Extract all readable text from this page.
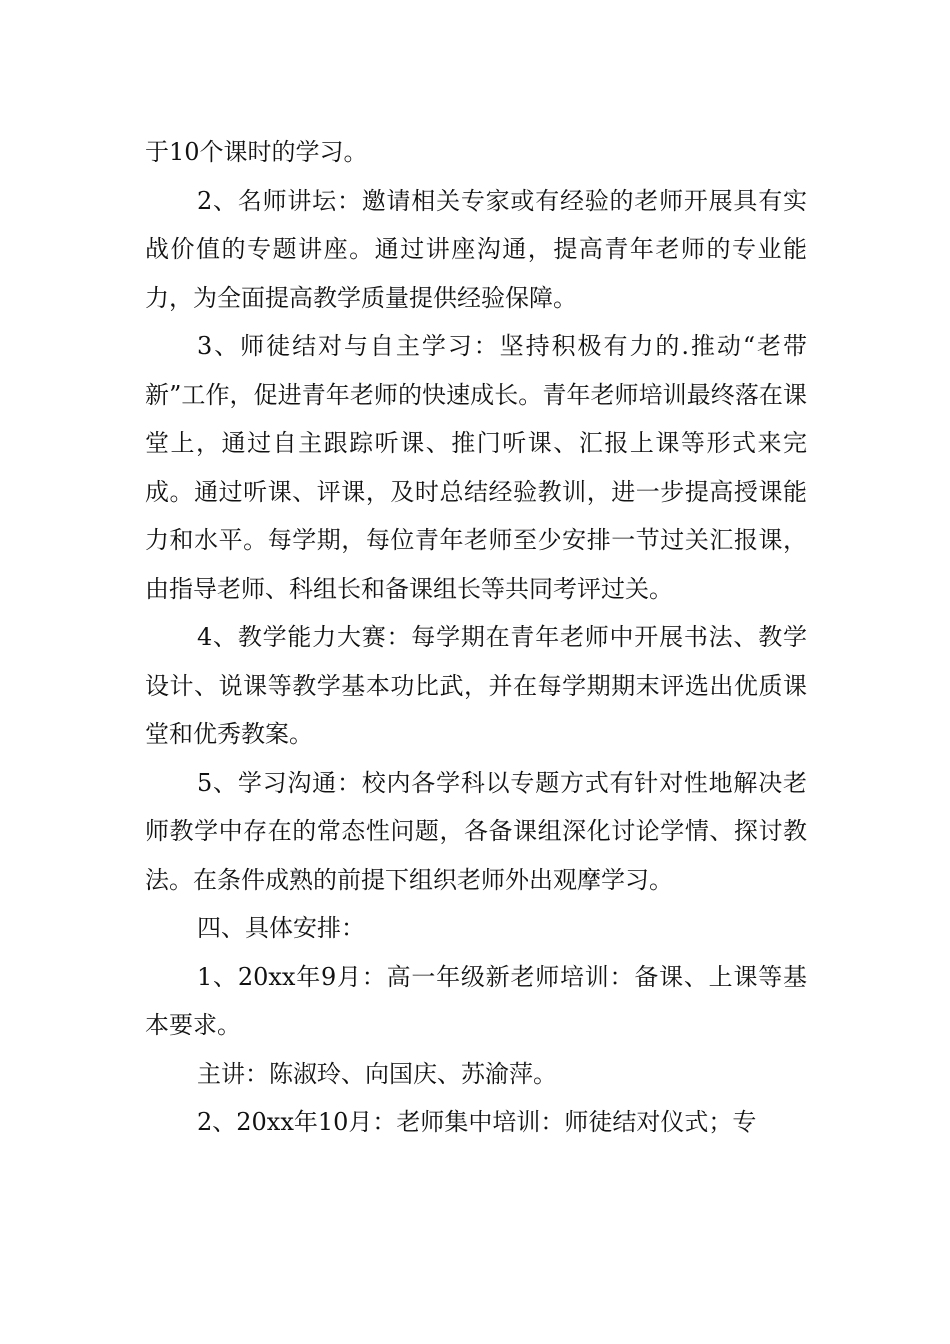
于10个课时的学习。

2、名师讲坛：邀请相关专家或有经验的老师开展具有实战价值的专题讲座。通过讲座沟通，提高青年老师的专业能力，为全面提高教学质量提供经验保障。

3、师徒结对与自主学习：坚持积极有力的.推动“老带新”工作，促进青年老师的快速成长。青年老师培训最终落在课堂上，通过自主跟踪听课、推门听课、汇报上课等形式来完成。通过听课、评课，及时总结经验教训，进一步提高授课能力和水平。每学期，每位青年老师至少安排一节过关汇报课，由指导老师、科组长和备课组长等共同考评过关。

4、教学能力大赛：每学期在青年老师中开展书法、教学设计、说课等教学基本功比武，并在每学期期末评选出优质课堂和优秀教案。

5、学习沟通：校内各学科以专题方式有针对性地解决老师教学中存在的常态性问题，各备课组深化讨论学情、探讨教法。在条件成熟的前提下组织老师外出观摩学习。

四、具体安排：

1、20xx年9月：高一年级新老师培训：备课、上课等基本要求。

主讲：陈淑玲、向国庆、苏渝萍。

2、20xx年10月：老师集中培训：师徒结对仪式；专
